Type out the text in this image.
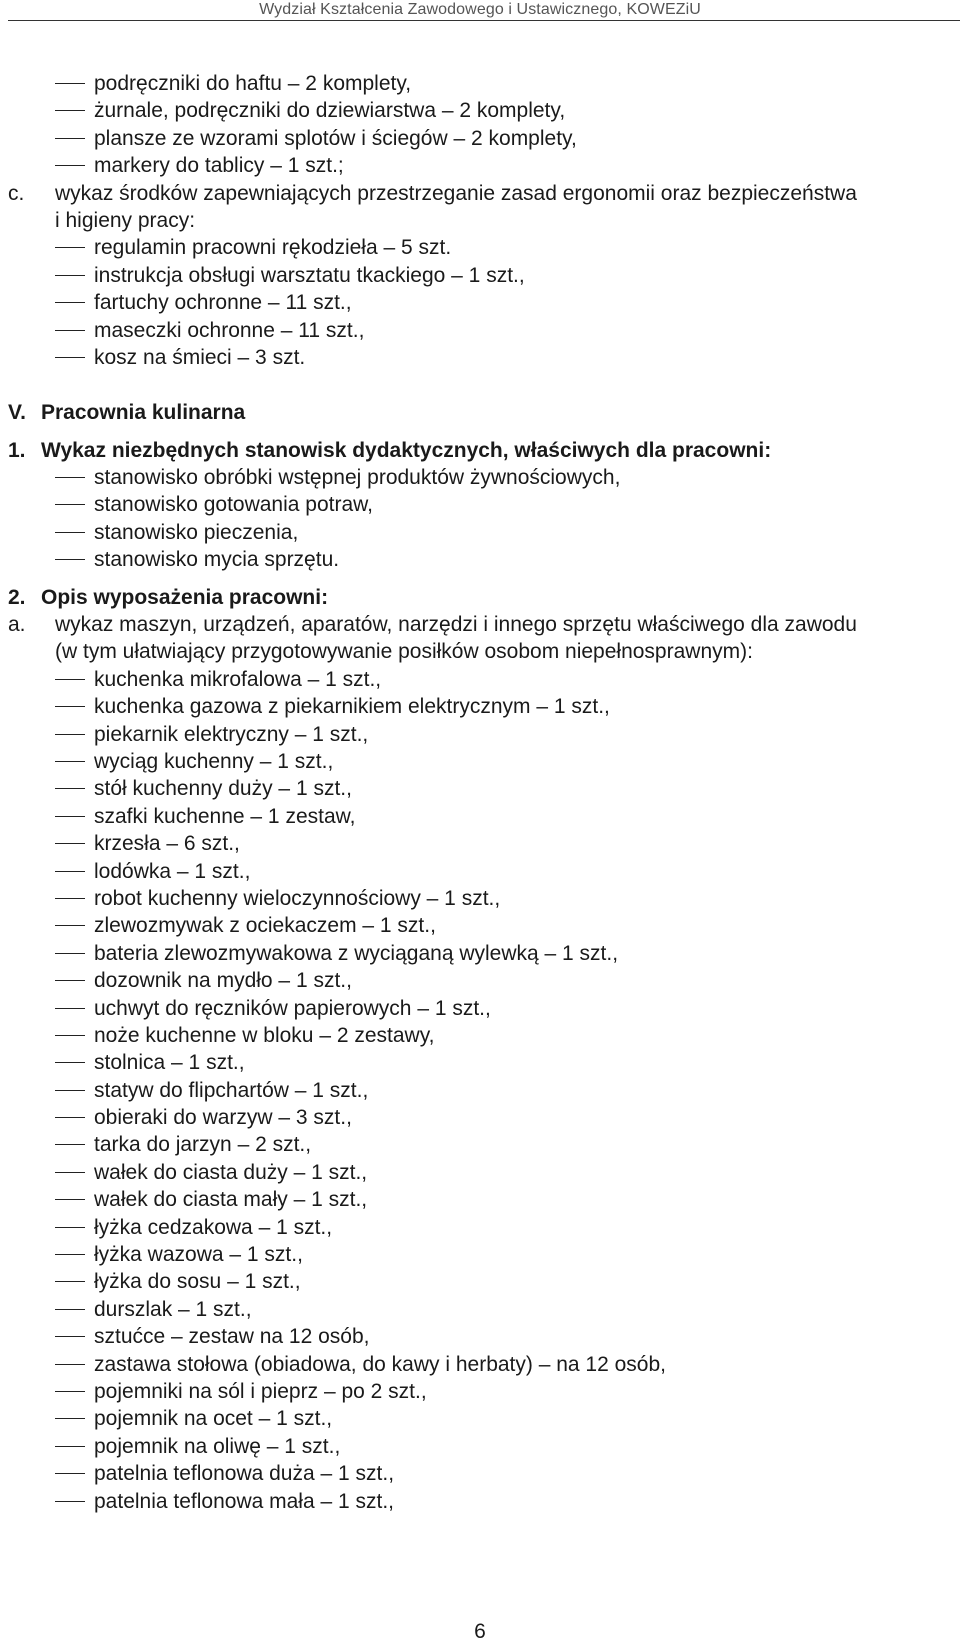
Wydział Kształcenia Zawodowego i Ustawicznego, KOWEZiU
podręczniki do haftu – 2 komplety,
żurnale, podręczniki do dziewiarstwa – 2 komplety,
plansze ze wzorami splotów i ściegów – 2 komplety,
markery do tablicy – 1 szt.;
c. wykaz środków zapewniających przestrzeganie zasad ergonomii oraz bezpieczeństwa
i higieny pracy:
regulamin pracowni rękodzieła – 5 szt.
instrukcja obsługi warsztatu tkackiego – 1 szt.,
fartuchy ochronne – 11 szt.,
maseczki ochronne – 11 szt.,
kosz na śmieci – 3 szt.
V. Pracownia kulinarna
1. Wykaz niezbędnych stanowisk dydaktycznych, właściwych dla pracowni:
stanowisko obróbki wstępnej produktów żywnościowych,
stanowisko gotowania potraw,
stanowisko pieczenia,
stanowisko mycia sprzętu.
2. Opis wyposażenia pracowni:
a. wykaz maszyn, urządzeń, aparatów, narzędzi i innego sprzętu właściwego dla zawodu
(w tym ułatwiający przygotowywanie posiłków osobom niepełnosprawnym):
kuchenka mikrofalowa – 1 szt.,
kuchenka gazowa z piekarnikiem elektrycznym – 1 szt.,
piekarnik elektryczny – 1 szt.,
wyciąg kuchenny – 1 szt.,
stół kuchenny duży – 1 szt.,
szafki kuchenne – 1 zestaw,
krzesła – 6 szt.,
lodówka – 1 szt.,
robot kuchenny wieloczynnościowy – 1 szt.,
zlewozmywak z ociekaczem – 1 szt.,
bateria zlewozmywakowa z wyciąganą wylewką – 1 szt.,
dozownik na mydło – 1 szt.,
uchwyt do ręczników papierowych – 1 szt.,
noże kuchenne w bloku – 2 zestawy,
stolnica – 1 szt.,
statyw do flipchartów – 1 szt.,
obieraki do warzyw – 3 szt.,
tarka do jarzyn – 2 szt.,
wałek do ciasta duży – 1 szt.,
wałek do ciasta mały – 1 szt.,
łyżka cedzakowa – 1 szt.,
łyżka wazowa – 1 szt.,
łyżka do sosu – 1 szt.,
durszlak – 1 szt.,
sztućce – zestaw na 12 osób,
zastawa stołowa (obiadowa, do kawy i herbaty) – na 12 osób,
pojemniki na sól i pieprz – po 2 szt.,
pojemnik na ocet – 1 szt.,
pojemnik na oliwę – 1 szt.,
patelnia teflonowa duża – 1 szt.,
patelnia teflonowa mała – 1 szt.,
6
